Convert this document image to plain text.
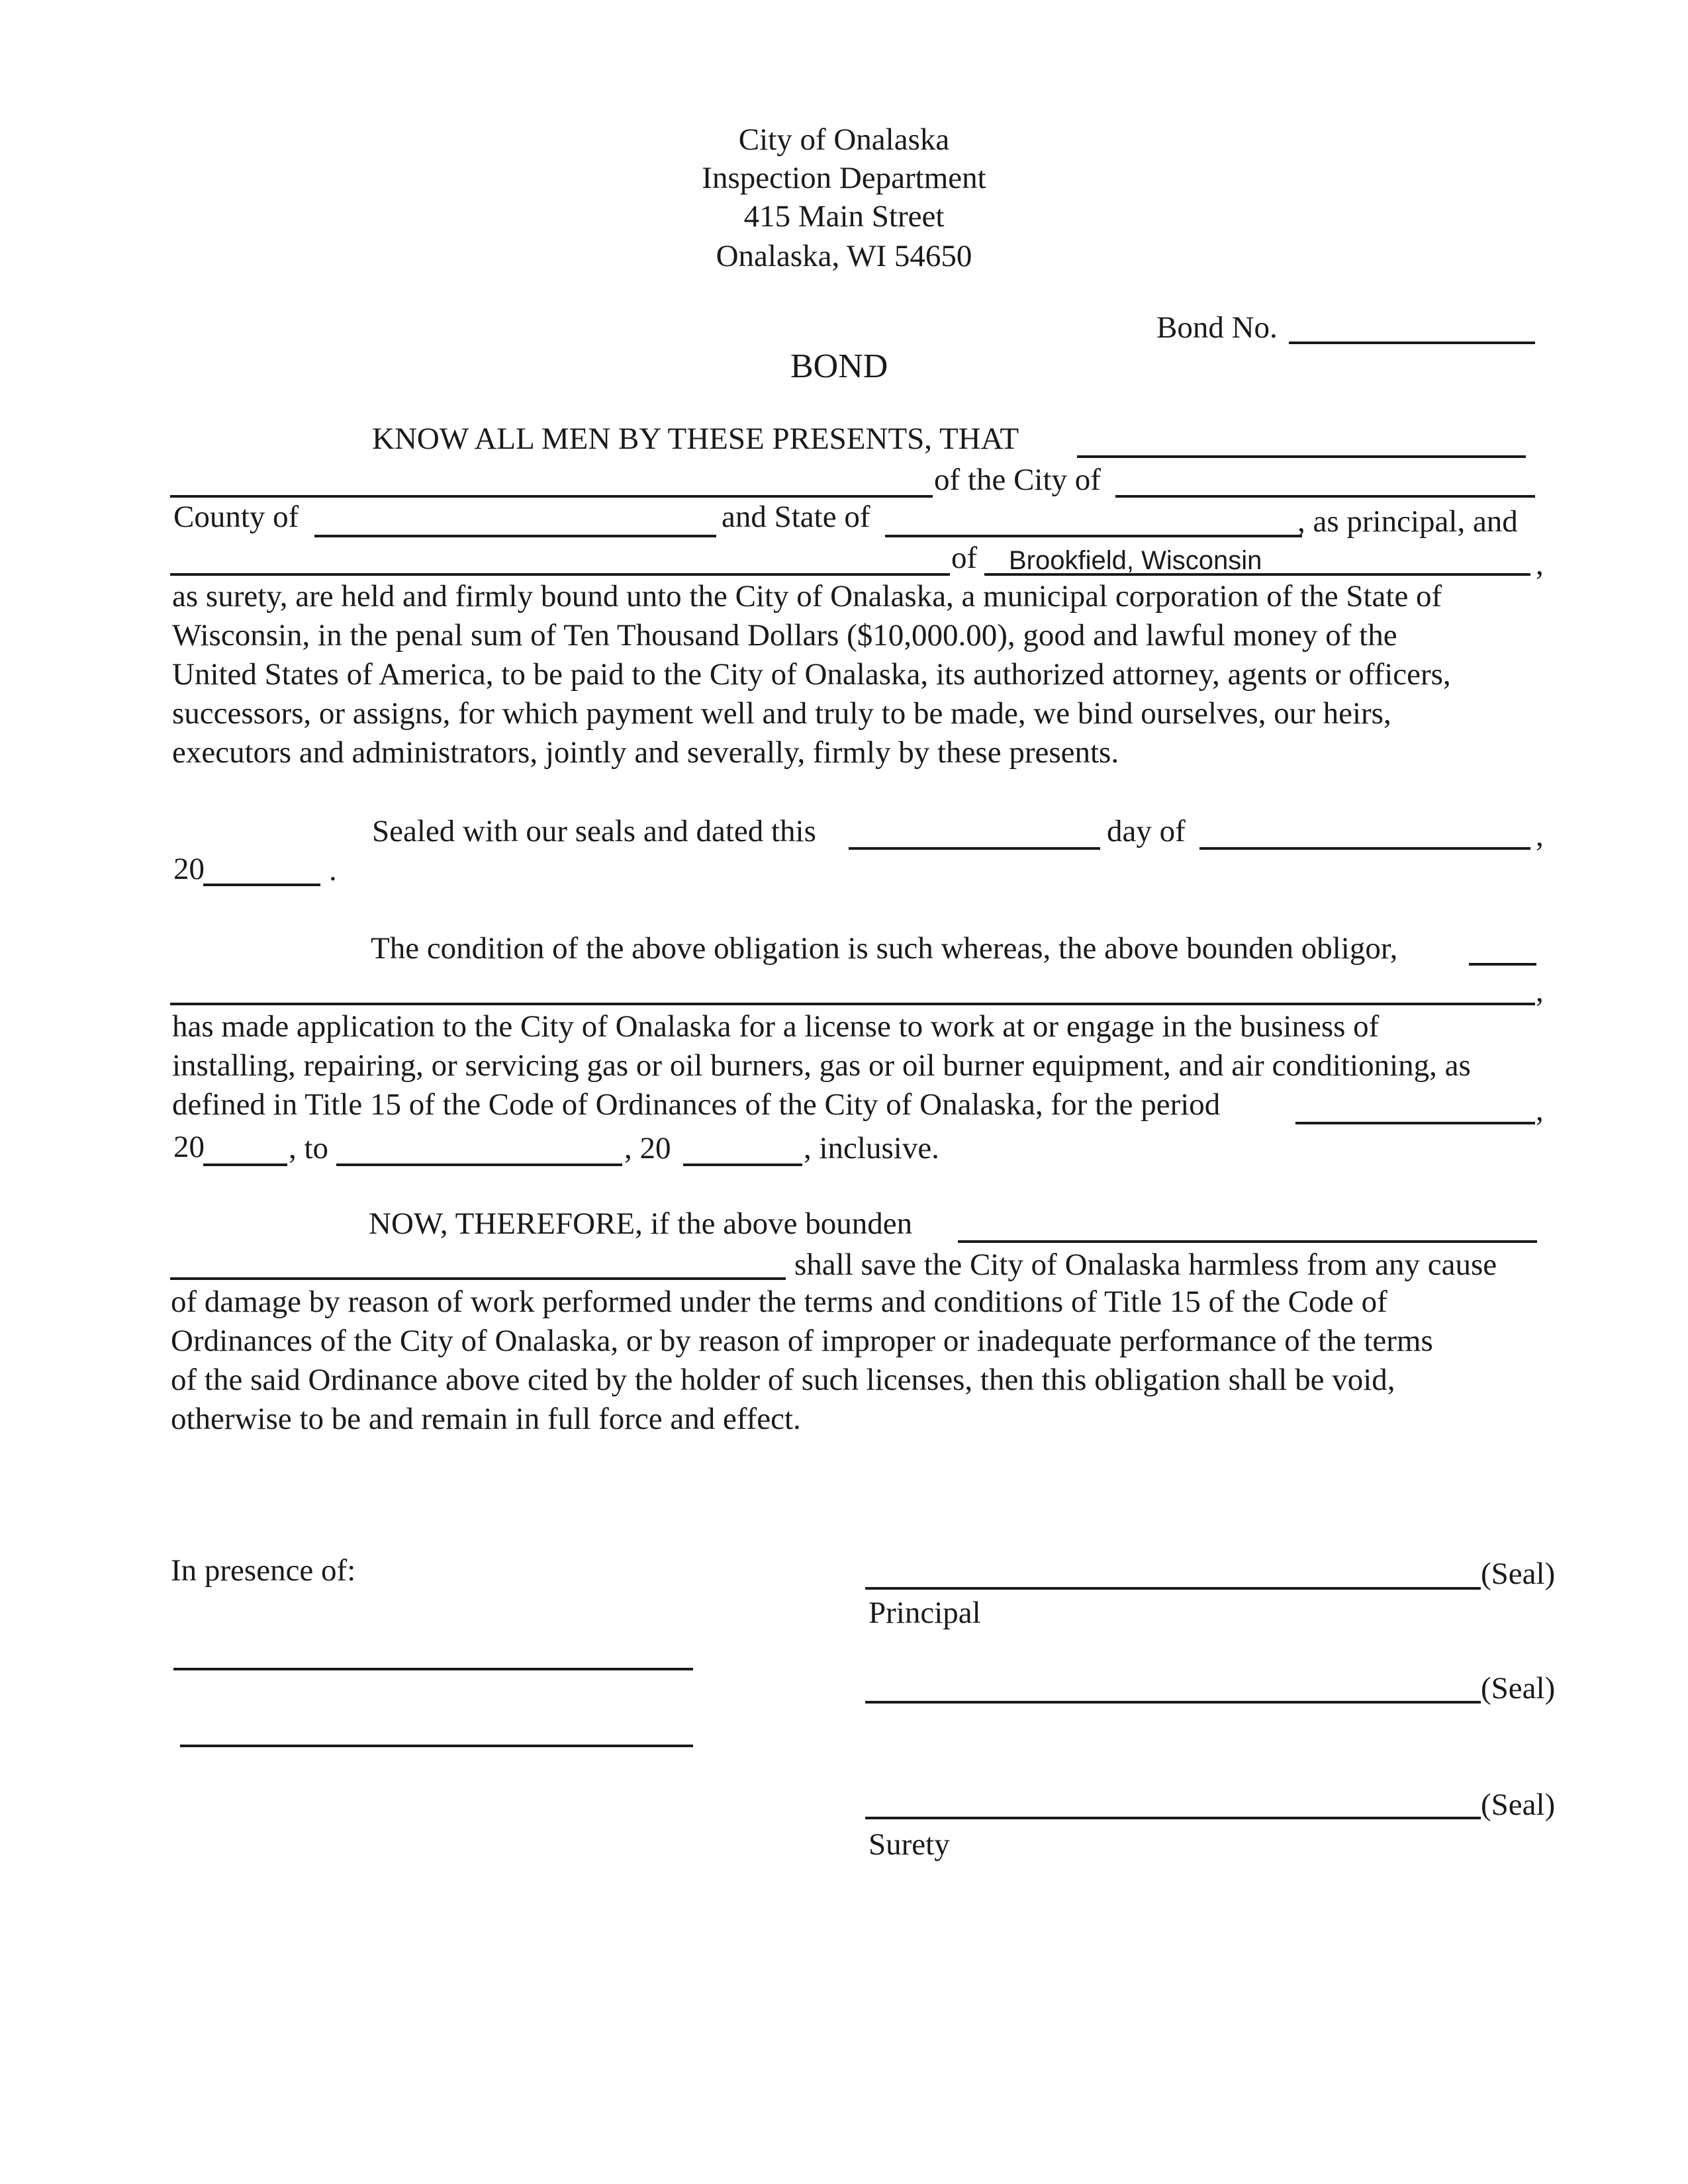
City of Onalaska
Inspection Department
415 Main Street
Onalaska, WI 54650
Bond No.
BOND
KNOW ALL MEN BY THESE PRESENTS, THAT
of the City of
County of	and State of	, as principal, and
of Brookfield, Wisconsin	,
as surety, are held and firmly bound unto the City of Onalaska, a municipal corporation of the State of
Wisconsin, in the penal sum of Ten Thousand Dollars ($10,000.00), good and lawful money of the
United States of America, to be paid to the City of Onalaska, its authorized attorney, agents or officers,
successors, or assigns, for which payment well and truly to be made, we bind ourselves, our heirs,
executors and administrators, jointly and severally, firmly by these presents.
Sealed with our seals and dated this	day of	,
20	.
The condition of the above obligation is such whereas, the above bounden obligor,
,
has made application to the City of Onalaska for a license to work at or engage in the business of
installing, repairing, or servicing gas or oil burners, gas or oil burner equipment, and air conditioning, as
defined in Title 15 of the Code of Ordinances of the City of Onalaska, for the period	,
20	, to	, 20	, inclusive.
NOW, THEREFORE, if the above bounden
shall save the City of Onalaska harmless from any cause
of damage by reason of work performed under the terms and conditions of Title 15 of the Code of
Ordinances of the City of Onalaska, or by reason of improper or inadequate performance of the terms
of the said Ordinance above cited by the holder of such licenses, then this obligation shall be void,
otherwise to be and remain in full force and effect.
In presence of:	(Seal)
Principal
(Seal)
(Seal)
Surety
